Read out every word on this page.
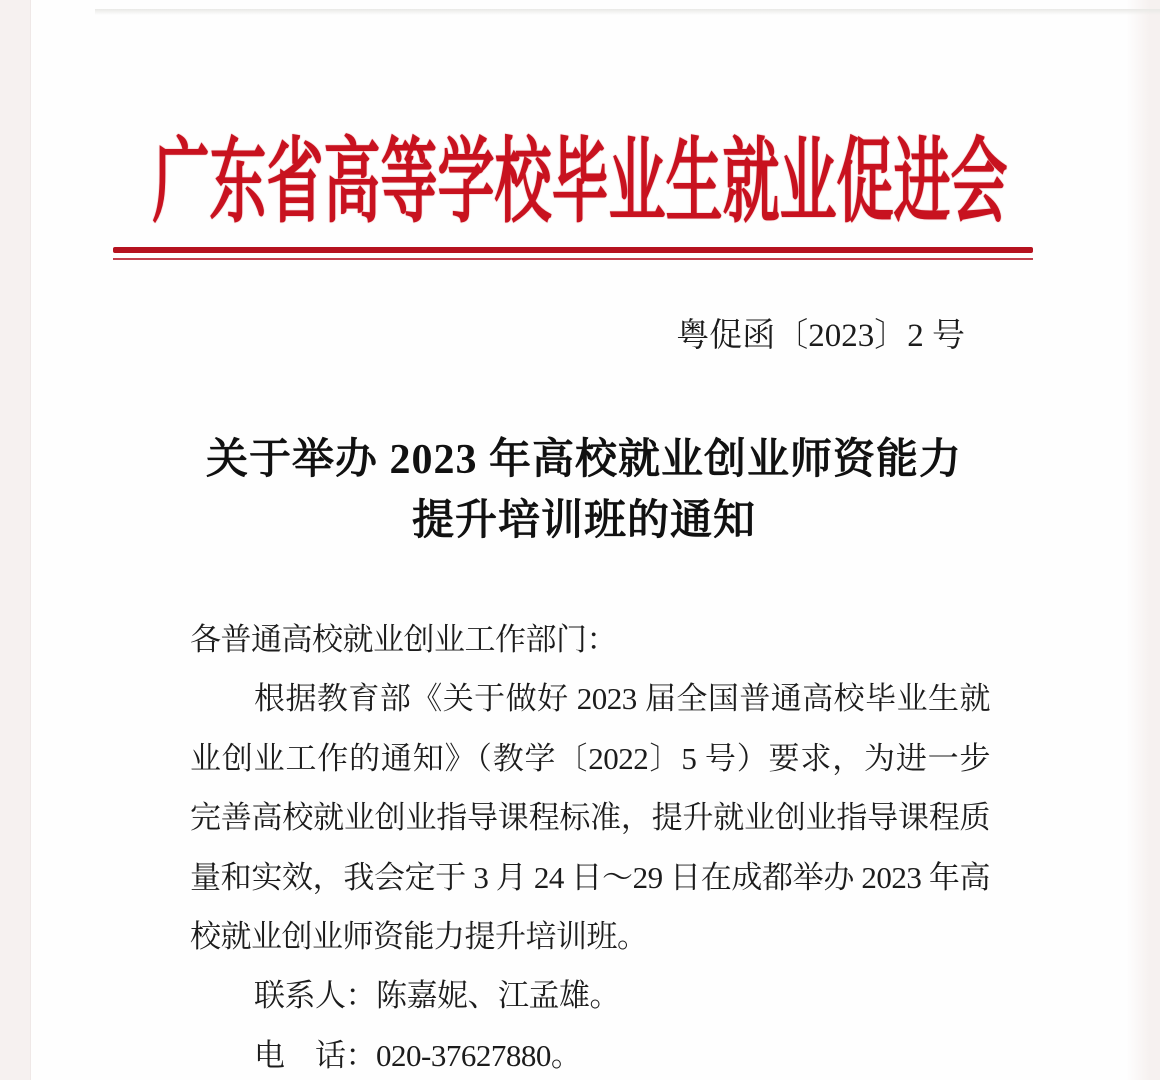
广东省高等学校毕业生就业促进会
粤促函〔2023〕2 号
关于举办 2023 年高校就业创业师资能力
提升培训班的通知
各普通高校就业创业工作部门：
根据教育部《关于做好 2023 届全国普通高校毕业生就
业创业工作的通知》（教学〔2022〕5 号）要求，为进一步
完善高校就业创业指导课程标准，提升就业创业指导课程质
量和实效，我会定于 3 月 24 日～29 日在成都举办 2023 年高
校就业创业师资能力提升培训班。
联系人：陈嘉妮、江孟雄。
电　话：020-37627880。
